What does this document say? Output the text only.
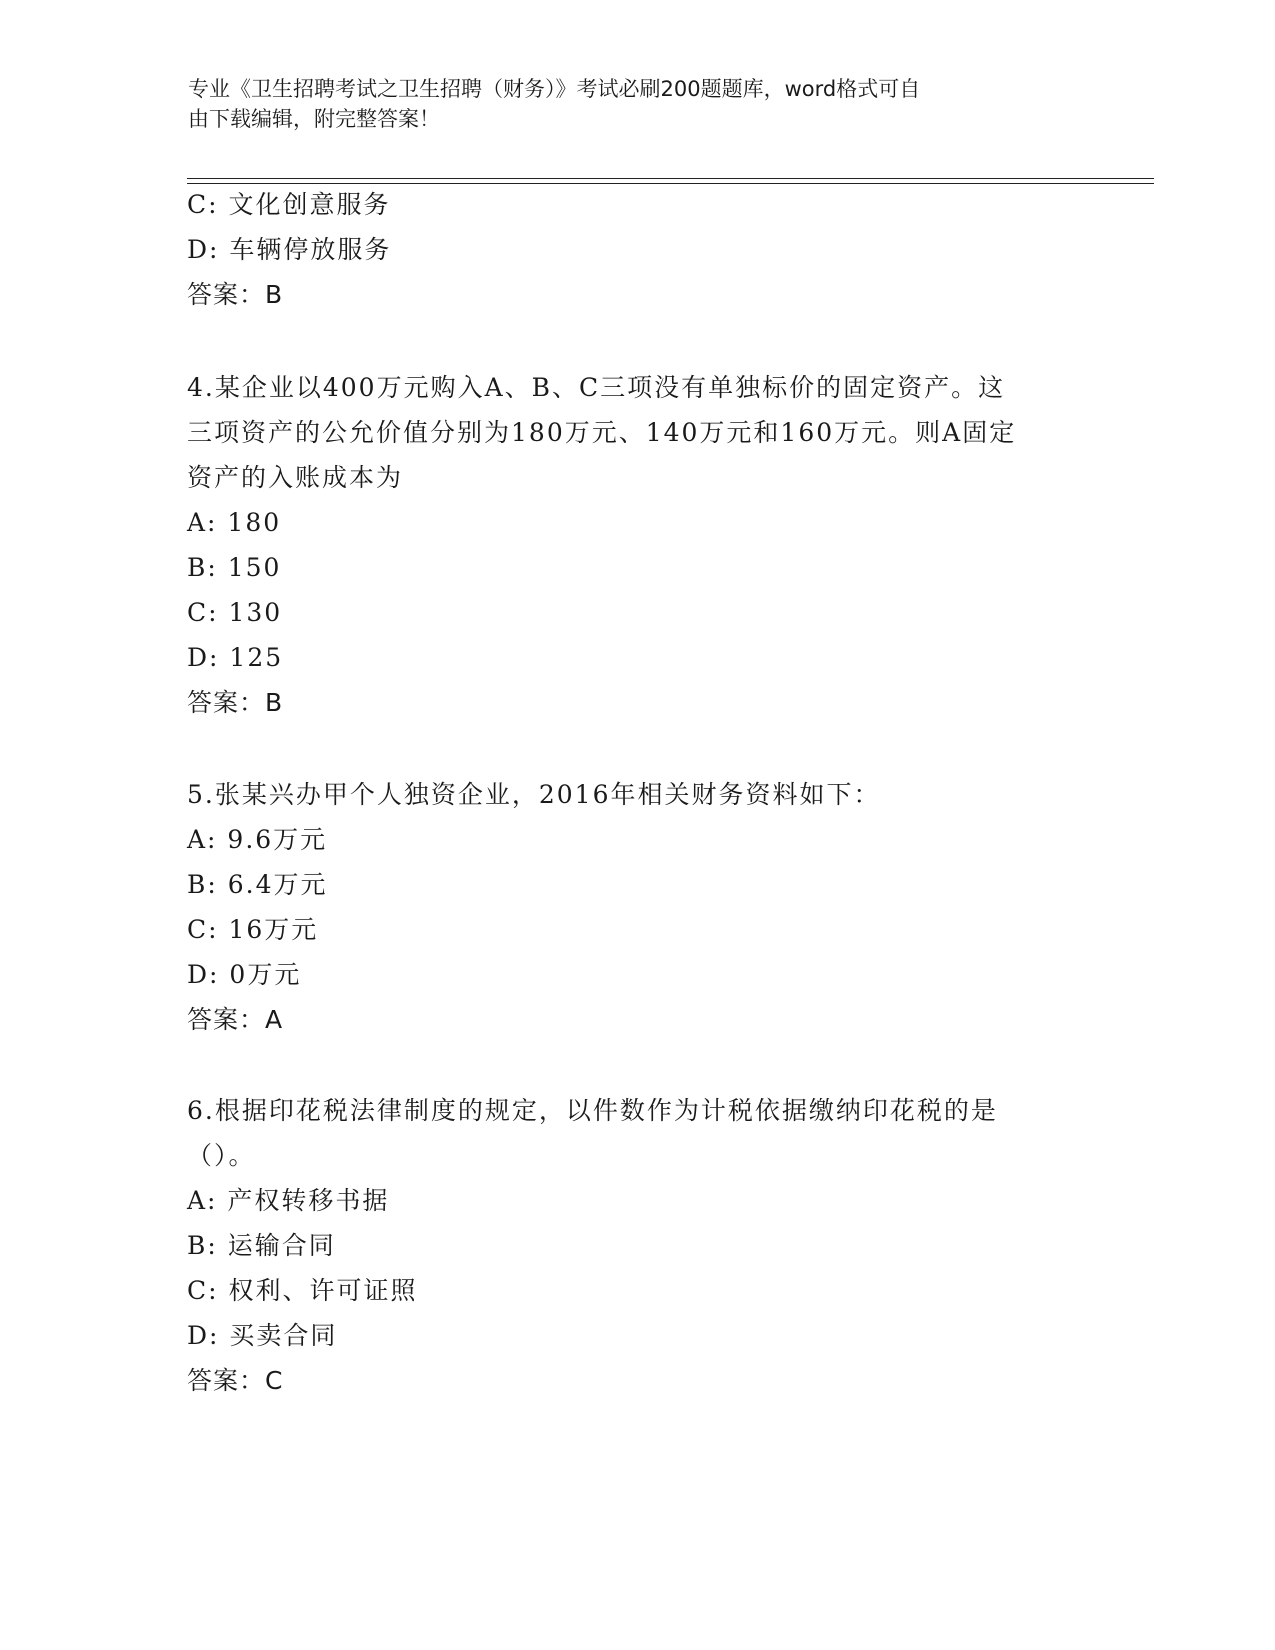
专业《卫生招聘考试之卫生招聘（财务）》考试必刷200题题库，word格式可自
由下载编辑，附完整答案！
C: 文化创意服务
D: 车辆停放服务
答案：B
4.某企业以400万元购入A、B、C三项没有单独标价的固定资产。这
三项资产的公允价值分别为180万元、140万元和160万元。则A固定
资产的入账成本为
A: 180
B: 150
C: 130
D: 125
答案：B
5.张某兴办甲个人独资企业，2016年相关财务资料如下：
A: 9.6万元
B: 6.4万元
C: 16万元
D: 0万元
答案：A
6.根据印花税法律制度的规定，以件数作为计税依据缴纳印花税的是
（）。
A: 产权转移书据
B: 运输合同
C: 权利、许可证照
D: 买卖合同
答案：C
